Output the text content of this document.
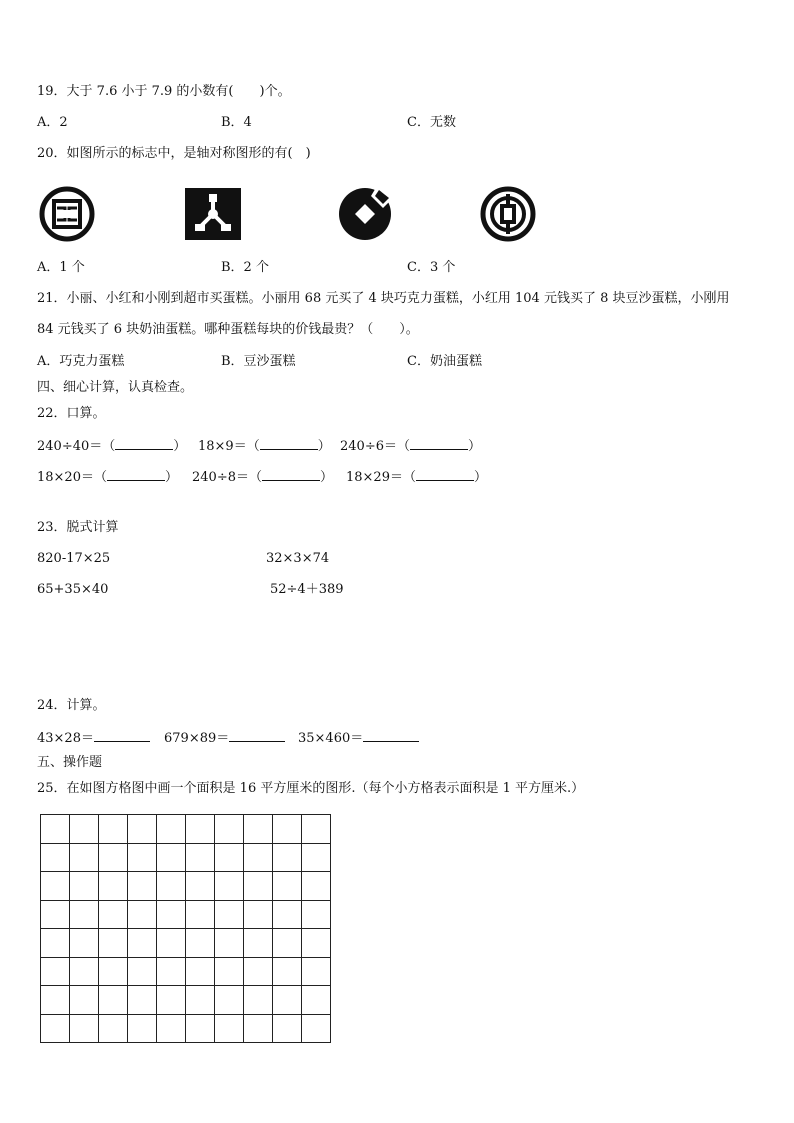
19．大于 7.6 小于 7.9 的小数有(　　)个。
A．2	B．4	C．无数
20．如图所示的标志中，是轴对称图形的有(　)
A．1 个	B．2 个	C．3 个
21．小丽、小红和小刚到超市买蛋糕。小丽用 68 元买了 4 块巧克力蛋糕，小红用 104 元钱买了 8 块豆沙蛋糕，小刚用
84 元钱买了 6 块奶油蛋糕。哪种蛋糕每块的价钱最贵？（　　）。
A．巧克力蛋糕	B．豆沙蛋糕	C．奶油蛋糕
四、细心计算，认真检查。
22．口算。
240÷40＝（	） 18×9＝（	） 240÷6＝（	）
18×20＝（	） 240÷8＝（	） 18×29＝（	）
23．脱式计算
820-17×25	32×3×74
65+35×40	52÷4＋389
24．计算。
43×28＝	679×89＝	35×460＝
五、操作题
25．在如图方格图中画一个面积是 16 平方厘米的图形.（每个小方格表示面积是 1 平方厘米.）
